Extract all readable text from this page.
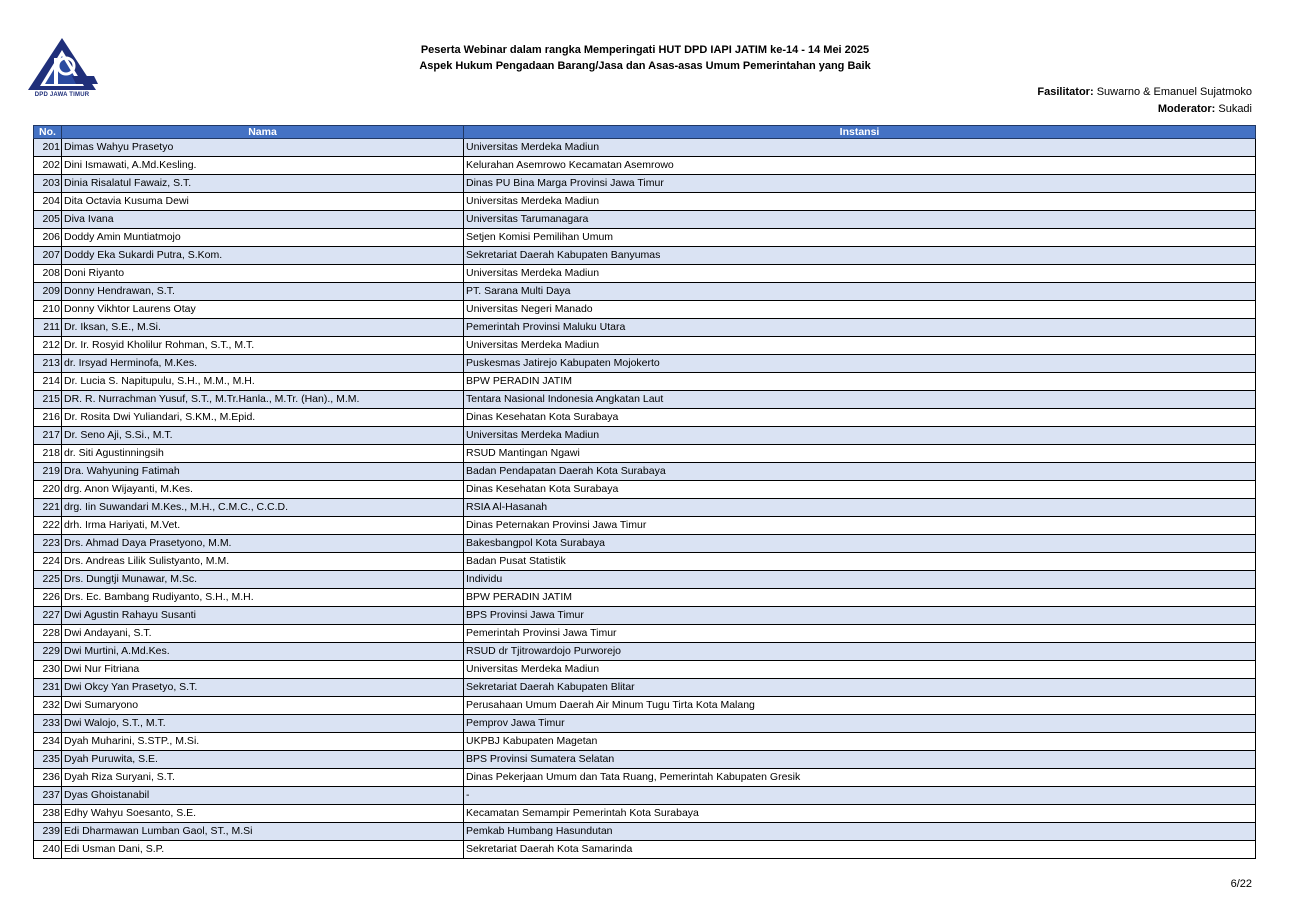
DPD JAWA TIMUR
Peserta Webinar dalam rangka Memperingati HUT DPD IAPI JATIM ke-14 - 14 Mei 2025
Aspek Hukum Pengadaan Barang/Jasa dan Asas-asas Umum Pemerintahan yang Baik
Fasilitator: Suwarno & Emanuel Sujatmoko
Moderator: Sukadi
No.	Nama	Instansi
201	Dimas Wahyu Prasetyo	Universitas Merdeka Madiun
202	Dini Ismawati, A.Md.Kesling.	Kelurahan Asemrowo Kecamatan Asemrowo
203	Dinia Risalatul Fawaiz, S.T.	Dinas PU Bina Marga Provinsi Jawa Timur
204	Dita Octavia Kusuma Dewi	Universitas Merdeka Madiun
205	Diva Ivana	Universitas Tarumanagara
206	Doddy Amin Muntiatmojo	Setjen Komisi Pemilihan Umum
207	Doddy Eka Sukardi Putra, S.Kom.	Sekretariat Daerah Kabupaten Banyumas
208	Doni Riyanto	Universitas Merdeka Madiun
209	Donny Hendrawan, S.T.	PT. Sarana Multi Daya
210	Donny Vikhtor Laurens Otay	Universitas Negeri Manado
211	Dr. Iksan, S.E., M.Si.	Pemerintah Provinsi Maluku Utara
212	Dr. Ir. Rosyid Kholilur Rohman, S.T., M.T.	Universitas Merdeka Madiun
213	dr. Irsyad Herminofa, M.Kes.	Puskesmas Jatirejo Kabupaten Mojokerto
214	Dr. Lucia S. Napitupulu, S.H., M.M., M.H.	BPW PERADIN JATIM
215	DR. R. Nurrachman Yusuf, S.T., M.Tr.Hanla., M.Tr. (Han)., M.M.	Tentara Nasional Indonesia Angkatan Laut
216	Dr. Rosita Dwi Yuliandari, S.KM., M.Epid.	Dinas Kesehatan Kota Surabaya
217	Dr. Seno Aji, S.Si., M.T.	Universitas Merdeka Madiun
218	dr. Siti Agustinningsih	RSUD Mantingan Ngawi
219	Dra. Wahyuning Fatimah	Badan Pendapatan Daerah Kota Surabaya
220	drg. Anon Wijayanti, M.Kes.	Dinas Kesehatan Kota Surabaya
221	drg. Iin Suwandari M.Kes., M.H., C.M.C., C.C.D.	RSIA Al-Hasanah
222	drh. Irma Hariyati, M.Vet.	Dinas Peternakan Provinsi Jawa Timur
223	Drs. Ahmad Daya Prasetyono, M.M.	Bakesbangpol Kota Surabaya
224	Drs. Andreas Lilik Sulistyanto, M.M.	Badan Pusat Statistik
225	Drs. Dungtji Munawar, M.Sc.	Individu
226	Drs. Ec. Bambang Rudiyanto, S.H., M.H.	BPW PERADIN JATIM
227	Dwi Agustin Rahayu Susanti	BPS Provinsi Jawa Timur
228	Dwi Andayani, S.T.	Pemerintah Provinsi Jawa Timur
229	Dwi Murtini, A.Md.Kes.	RSUD dr Tjitrowardojo Purworejo
230	Dwi Nur Fitriana	Universitas Merdeka Madiun
231	Dwi Okcy Yan Prasetyo, S.T.	Sekretariat Daerah Kabupaten Blitar
232	Dwi Sumaryono	Perusahaan Umum Daerah Air Minum Tugu Tirta Kota Malang
233	Dwi Walojo, S.T., M.T.	Pemprov Jawa Timur
234	Dyah Muharini, S.STP., M.Si.	UKPBJ Kabupaten Magetan
235	Dyah Puruwita, S.E.	BPS Provinsi Sumatera Selatan
236	Dyah Riza Suryani, S.T.	Dinas Pekerjaan Umum dan Tata Ruang, Pemerintah Kabupaten Gresik
237	Dyas Ghoistanabil	-
238	Edhy Wahyu Soesanto, S.E.	Kecamatan Semampir Pemerintah Kota Surabaya
239	Edi Dharmawan Lumban Gaol, ST., M.Si	Pemkab Humbang Hasundutan
240	Edi Usman Dani, S.P.	Sekretariat Daerah Kota Samarinda
6/22
